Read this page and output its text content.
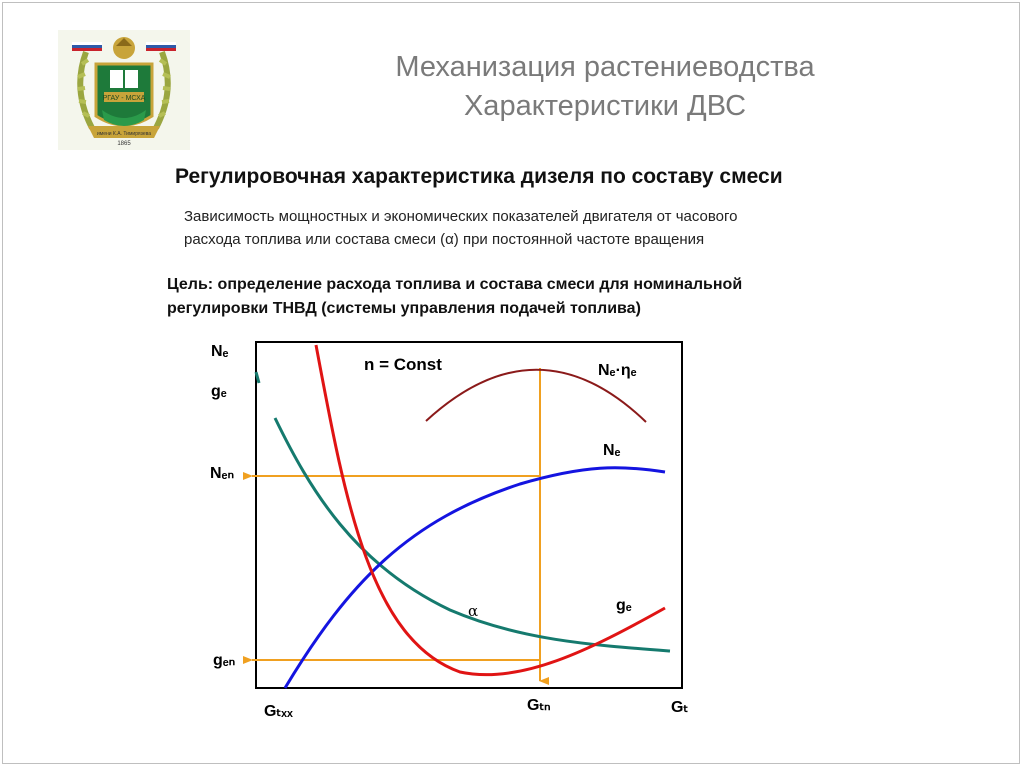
РГАУ - МСХА
имени К.А. Тимирязева
1865
Механизация растениеводства
Характеристики ДВС
Регулировочная характеристика дизеля по составу смеси
Зависимость мощностных и экономических показателей двигателя от часового
расхода топлива или состава смеси (α) при постоянной частоте вращения
Цель: определение расхода топлива и состава смеси для номинальной
регулировки ТНВД (системы управления подачей топлива)
n = Const	Nₑ·ηₑ
Nₑ
α	gₑ
Nₑ
gₑ
Nₑₙ
gₑₙ
Gₜₓₓ	Gₜₙ	Gₜ
